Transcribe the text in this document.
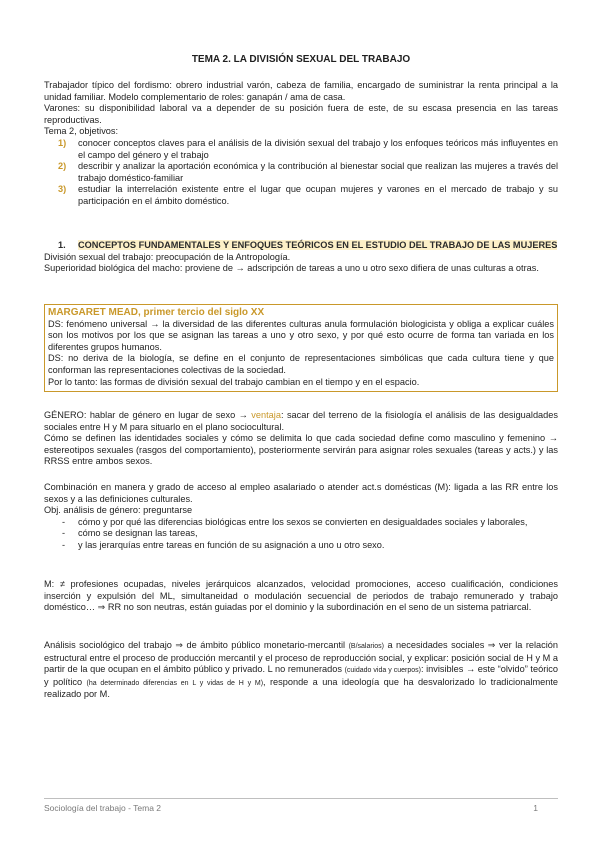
TEMA 2. LA DIVISIÓN SEXUAL DEL TRABAJO

Trabajador típico del fordismo: obrero industrial varón, cabeza de familia, encargado de suministrar la renta principal a la unidad familiar. Modelo complementario de roles: ganapán / ama de casa.

Varones: su disponibilidad laboral va a depender de su posición fuera de este, de su escasa presencia en las tareas reproductivas.

Tema 2, objetivos:

1) conocer conceptos claves para el análisis de la división sexual del trabajo y los enfoques teóricos más influyentes en el campo del género y el trabajo
2) describir y analizar la aportación económica y la contribución al bienestar social que realizan las mujeres a través del trabajo doméstico-familiar
3) estudiar la interrelación existente entre el lugar que ocupan mujeres y varones en el mercado de trabajo y su participación en el ámbito doméstico.
1. CONCEPTOS FUNDAMENTALES Y ENFOQUES TEÓRICOS EN EL ESTUDIO DEL TRABAJO DE LAS MUJERES

División sexual del trabajo: preocupación de la Antropología.

Superioridad biológica del macho: proviene de → adscripción de tareas a uno u otro sexo difiera de unas culturas a otras.

MARGARET MEAD, primer tercio del siglo XX

DS: fenómeno universal → la diversidad de las diferentes culturas anula formulación biologicista y obliga a explicar cuáles son los motivos por los que se asignan las tareas a uno y otro sexo, y por qué esto ocurre de forma tan variada en los diferentes grupos humanos.

DS: no deriva de la biología, se define en el conjunto de representaciones simbólicas que cada cultura tiene y que conforman las representaciones colectivas de la sociedad.

Por lo tanto: las formas de división sexual del trabajo cambian en el tiempo y en el espacio.

GÉNERO: hablar de género en lugar de sexo → ventaja: sacar del terreno de la fisiología el análisis de las desigualdades sociales entre H y M para situarlo en el plano sociocultural.

Cómo se definen las identidades sociales y cómo se delimita lo que cada sociedad define como masculino y femenino → estereotipos sexuales (rasgos del comportamiento), posteriormente servirán para asignar roles sexuales (tareas y acts.) y las RRSS entre ambos sexos.

Combinación en manera y grado de acceso al empleo asalariado o atender act.s domésticas (M): ligada a las RR entre los sexos y a las definiciones culturales.

Obj. análisis de género: preguntarse

- cómo y por qué las diferencias biológicas entre los sexos se convierten en desigualdades sociales y laborales,
- cómo se designan las tareas,
- y las jerarquías entre tareas en función de su asignación a uno u otro sexo.

M: ≠ profesiones ocupadas, niveles jerárquicos alcanzados, velocidad promociones, acceso cualificación, condiciones inserción y expulsión del ML, simultaneidad o modulación secuencial de periodos de trabajo remunerado y trabajo doméstico… ⇒ RR no son neutras, están guiadas por el dominio y la subordinación en el seno de un sistema patriarcal.

Análisis sociológico del trabajo ⇒ de ámbito público monetario-mercantil (B/salarios) a necesidades sociales ⇒ ver la relación estructural entre el proceso de producción mercantil y el proceso de reproducción social, y explicar: posición social de H y M a partir de la que ocupan en el ámbito público y privado. L no remunerados (cuidado vida y cuerpos): invisibles → este “olvido” teórico y político (ha determinado diferencias en L y vidas de H y M), responde a una ideología que ha desvalorizado lo tradicionalmente realizado por M.

Sociología del trabajo - Tema 2	1
